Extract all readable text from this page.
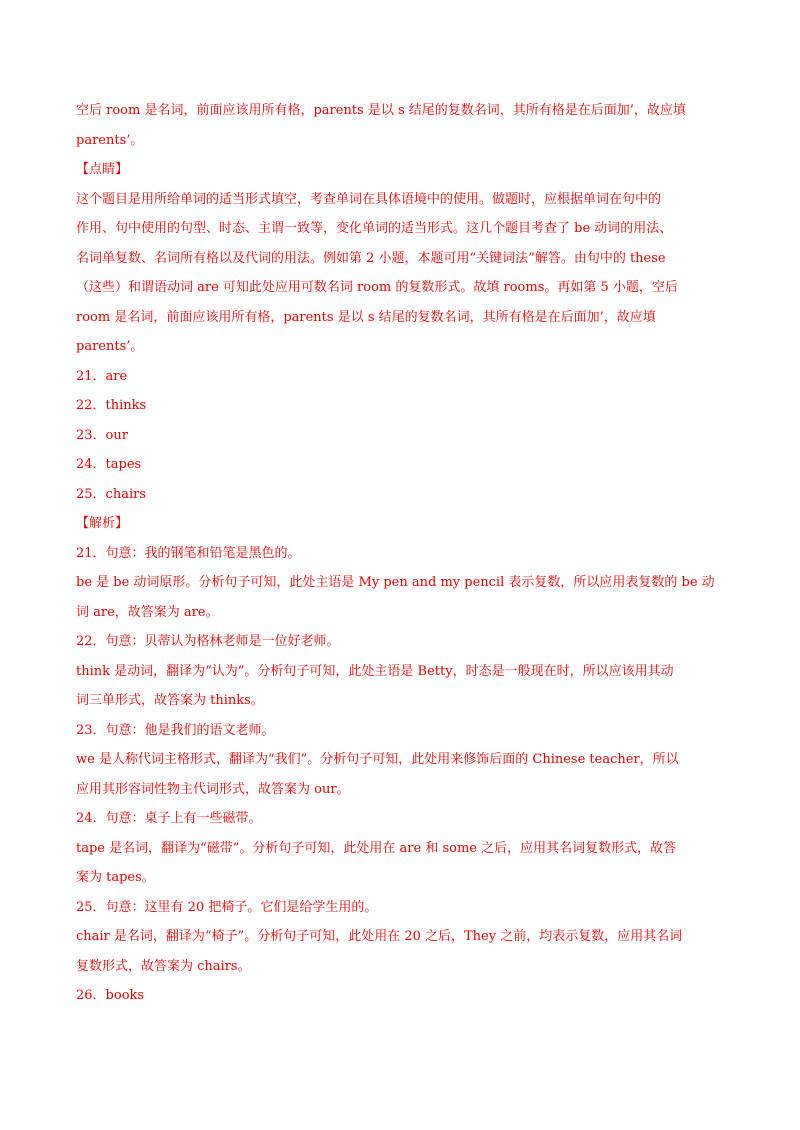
空后 room 是名词，前面应该用所有格，parents 是以 s 结尾的复数名词，其所有格是在后面加’，故应填

parents’。

【点睛】

这个题目是用所给单词的适当形式填空，考查单词在具体语境中的使用。做题时，应根据单词在句中的

作用、句中使用的句型、时态、主谓一致等，变化单词的适当形式。这几个题目考查了 be 动词的用法、

名词单复数、名词所有格以及代词的用法。例如第 2 小题，本题可用“关键词法”解答。由句中的 these

（这些）和谓语动词 are 可知此处应用可数名词 room 的复数形式。故填 rooms。再如第 5 小题，空后

room 是名词，前面应该用所有格，parents 是以 s 结尾的复数名词，其所有格是在后面加’，故应填

parents’。

21．are

22．thinks

23．our

24．tapes

25．chairs

【解析】

21．句意：我的钢笔和铅笔是黑色的。

be 是 be 动词原形。分析句子可知，此处主语是 My pen and my pencil 表示复数，所以应用表复数的 be 动

词 are，故答案为 are。

22．句意：贝蒂认为格林老师是一位好老师。

think 是动词，翻译为“认为”。分析句子可知，此处主语是 Betty，时态是一般现在时，所以应该用其动

词三单形式，故答案为 thinks。

23．句意：他是我们的语文老师。

we 是人称代词主格形式，翻译为“我们”。分析句子可知，此处用来修饰后面的 Chinese teacher，所以

应用其形容词性物主代词形式，故答案为 our。

24．句意：桌子上有一些磁带。

tape 是名词，翻译为“磁带”。分析句子可知，此处用在 are 和 some 之后，应用其名词复数形式，故答

案为 tapes。

25．句意：这里有 20 把椅子。它们是给学生用的。

chair 是名词，翻译为“椅子”。分析句子可知，此处用在 20 之后，They 之前，均表示复数，应用其名词

复数形式，故答案为 chairs。

26．books
